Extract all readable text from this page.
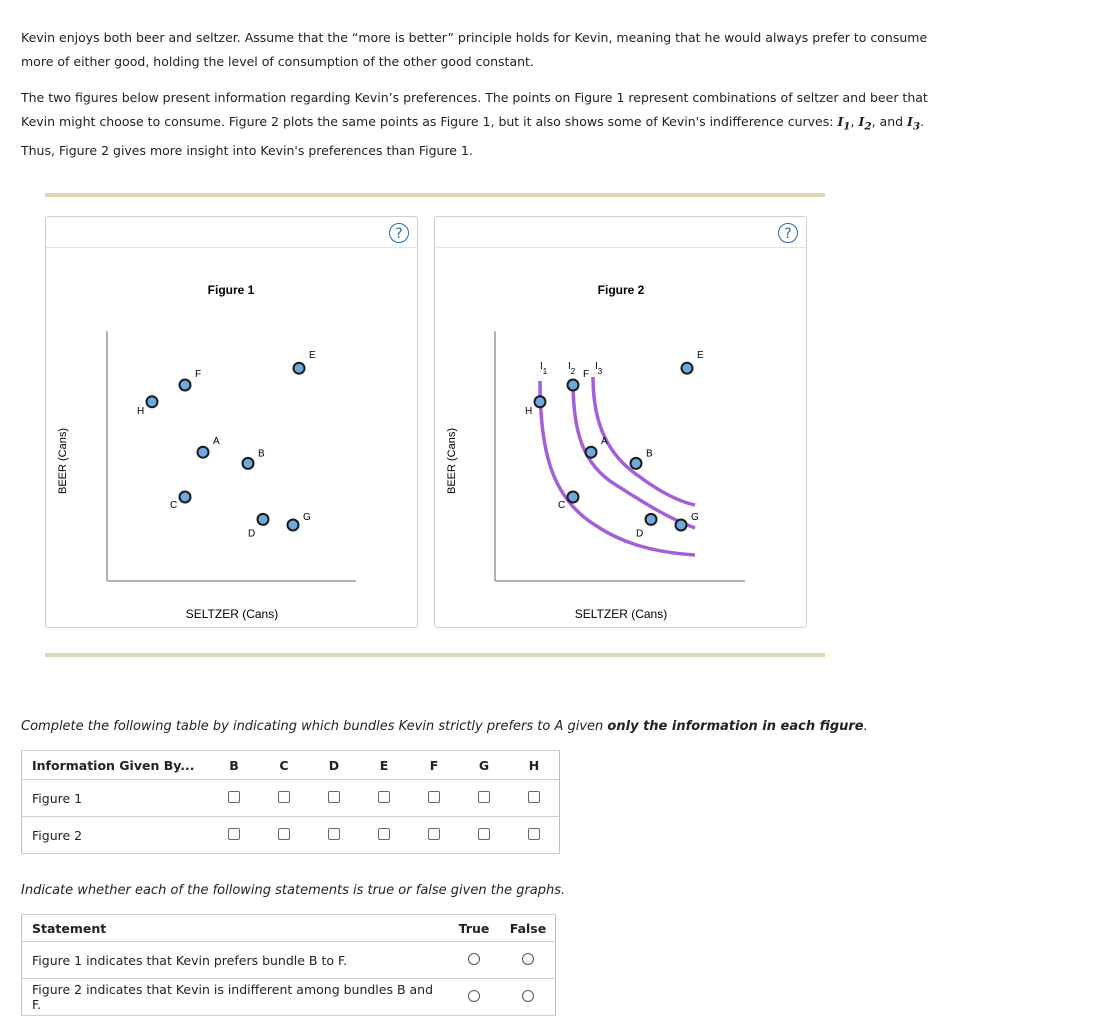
Kevin enjoys both beer and seltzer. Assume that the “more is better” principle holds for Kevin, meaning that he would always prefer to consume more of either good, holding the level of consumption of the other good constant.

The two figures below present information regarding Kevin’s preferences. The points on Figure 1 represent combinations of seltzer and beer that Kevin might choose to consume. Figure 2 plots the same points as Figure 1, but it also shows some of Kevin's indifference curves: $I_1$, $I_2$, and $I_3$. Thus, Figure 2 gives more insight into Kevin's preferences than Figure 1.

?
Figure 1
SELTZER (Cans)
BEER (Cans)
H
F
C
A
B
D
E
G
?
Figure 2
SELTZER (Cans)
BEER (Cans)
$I_1$ $I_2$ $I_3$
H
F
C
A
B
D
E
G

Complete the following table by indicating which bundles Kevin strictly prefers to A given only the information in each figure.

Information Given By...	B	C	D	E	F	G	H
Figure 1							
Figure 2							

Indicate whether each of the following statements is true or false given the graphs.

Statement	True	False
Figure 1 indicates that Kevin prefers bundle B to F.		
Figure 2 indicates that Kevin is indifferent among bundles B and F.		
